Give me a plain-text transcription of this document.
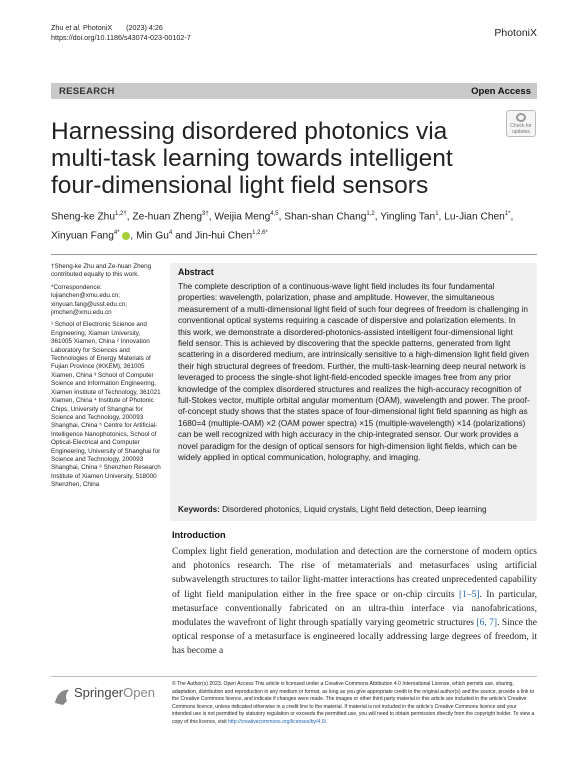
Zhu et al. PhotoniX (2023) 4:26
https://doi.org/10.1186/s43074-023-00102-7	PhotoniX
RESEARCH	Open Access
Check for
updates
Harnessing disordered photonics via multi-task learning towards intelligent four-dimensional light field sensors
Sheng-ke Zhu$^{1,2\dagger}$, Ze-huan Zheng$^{3\dagger}$, Weijia Meng$^{4,5}$, Shan-shan Chang$^{1,2}$, Yingling Tan$^1$, Lu-Jian Chen$^{1*}$, Xinyuan Fang$^{4*}$ , Min Gu$^4$ and Jin-hui Chen$^{1,2,6*}$

†Sheng-ke Zhu and Ze-huan Zheng contributed equally to this work.

*Correspondence: lujianchen@xmu.edu.cn; xinyuan.fang@usst.edu.cn; jimchen@xmu.edu.cn

¹ School of Electronic Science and Engineering, Xiamen University, 361005 Xiamen, China ² Innovation Laboratory for Sciences and Technologies of Energy Materials of Fujian Province (IKKEM), 361005 Xiamen, China ³ School of Computer Science and Information Engineering, Xiamen Institute of Technology, 361021 Xiamen, China ⁴ Institute of Photonic Chips, University of Shanghai for Science and Technology, 200093 Shanghai, China ⁵ Centre for Artificial-Intelligence Nanophotonics, School of Optical-Electrical and Computer Engineering, University of Shanghai for Science and Technology, 200093 Shanghai, China ⁶ Shenzhen Research Institute of Xiamen University, 518000 Shenzhen, China

Abstract
The complete description of a continuous-wave light field includes its four fundamental properties: wavelength, polarization, phase and amplitude. However, the simultaneous measurement of a multi-dimensional light field of such four degrees of freedom is challenging in conventional optical systems requiring a cascade of dispersive and polarization elements. In this work, we demonstrate a disordered-photonics-assisted intelligent four-dimensional light field sensor. This is achieved by discovering that the speckle patterns, generated from light scattering in a disordered medium, are intrinsically sensitive to a high-dimension light field given their high structural degrees of freedom. Further, the multi-task-learning deep neural network is leveraged to process the single-shot light-field-encoded speckle images free from any prior knowledge of the complex disordered structures and realizes the high-accuracy recognition of full-Stokes vector, multiple orbital angular momentum (OAM), wavelength and power. The proof-of-concept study shows that the states space of four-dimensional light field spanning as high as 1680=4 (multiple-OAM) ×2 (OAM power spectra) ×15 (multiple-wavelength) ×14 (polarizations) can be well recognized with high accuracy in the chip-integrated sensor. Our work provides a novel paradigm for the design of optical sensors for high-dimension light fields, which can be widely applied in optical communication, holography, and imaging.
Keywords: Disordered photonics, Liquid crystals, Light field detection, Deep learning
Introduction
Complex light field generation, modulation and detection are the cornerstone of modern optics and photonics research. The rise of metamaterials and metasurfaces using artificial subwavelength structures to tailor light-matter interactions has created unprecedented capability of light field manipulation either in the free space or on-chip circuits [1–5]. In particular, metasurface conventionally fabricated on an ultra-thin interface via nanofabrications, modulates the wavefront of light through spatially varying geometric structures [6, 7]. Since the optical response of a metasurface is engineered locally addressing large degrees of freedom, it has become a
SpringerOpen
© The Author(s) 2023. Open Access This article is licensed under a Creative Commons Attribution 4.0 International License, which permits use, sharing, adaptation, distribution and reproduction in any medium or format, as long as you give appropriate credit to the original author(s) and the source, provide a link to the Creative Commons licence, and indicate if changes were made. The images or other third party material in this article are included in the article's Creative Commons licence, unless indicated otherwise in a credit line to the material. If material is not included in the article's Creative Commons licence and your intended use is not permitted by statutory regulation or exceeds the permitted use, you will need to obtain permission directly from the copyright holder. To view a copy of this licence, visit http://creativecommons.org/licenses/by/4.0/.
